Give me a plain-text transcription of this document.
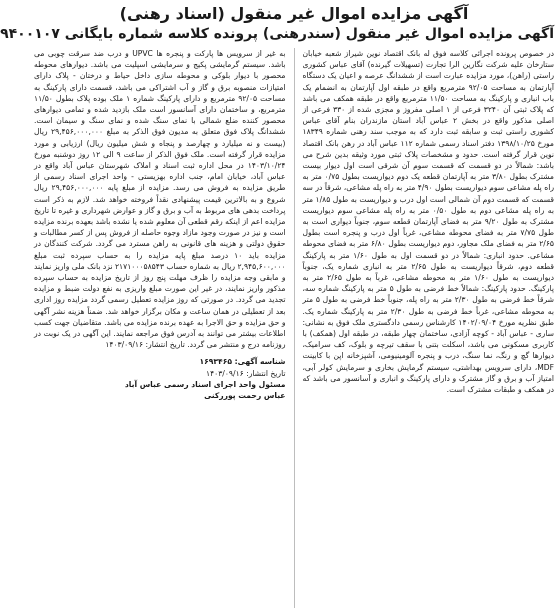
آگهی مزایده اموال غیر منقول (اسناد رهنی)
آگهی مزایده اموال غیر منقول (سندرهنی) پرونده کلاسه شماره بایگانی ۹۴۰۰۱۰۷

در خصوص پرونده اجرائی کلاسه فوق له بانک اقتصاد نوین شیراز شعبه خیابان ستارخان علیه شرکت نگارین الرا تجارت (تسهیلات گیرنده) آقای عباس کشوری راستی (راهن)، مورد مزایده عبارت است از ششدانگ عرصه و اعیان یک دستگاه آپارتمان به مساحت ۹۲/۰۵ مترمربع واقع در طبقه اول آپارتمان به انضمام یک باب انباری و پارکینگ به مساحت ۱۱/۵۰ مترمربع واقع در طبقه همکف می باشد که پلاک ثبتی آن ۳۲۴۰ فرعی از ۱ اصلی مفروز و مجزی شده از ۳۳۰ فرعی از اصلی مذکور واقع در بخش ۲ عباس آباد استان مازندران بنام آقای عباس کشوری راستی ثبت و سابقه ثبت دارد که به موجب سند رهنی شماره ۱۸۳۴۹ مورخ ۱۳۹۸/۱۰/۲۵ دفتر اسناد رسمی شماره ۱۱۲ عباس آباد در رهن بانک اقتصاد نوین قرار گرفته است. حدود و مشخصات پلاک ثبتی مورد وثیقه بدین شرح می باشد: شمالاً در دو قسمت که قسمت سوم آن شرقی است اول دیوار بیست مشترک بطول ۳/۸۰ متر به آپارتمان قطعه یک دوم دیواریست بطول ۰/۷۵ متر به راه پله مشاعی سوم دیواریست بطول ۴/۹۰ متر به راه پله مشاعی، شرقاً در سه قسمت که قسمت دوم آن شمالی است اول درب و دیواریست به طول ۱/۸۵ متر به راه پله مشاعی دوم به طول ۰/۵۰ متر به راه پله مشاعی سوم دیواریست مشترک به طول ۹/۲۰ متر به فضای آپارتمان قطعه سوم، جنوباً دیواری است به طول ۷/۷۵ متر به فضای محوطه مشاعی، غرباً اول درب و پنجره است بطول ۲/۶۵ متر به فضای ملک مجاور، دوم دیواریست بطول ۶/۸۰ متر به فضای محوطه مشاعی. حدود انباری: شمالاً در دو قسمت اول به طول ۱/۶۰ متر به پارکینگ قطعه دوم، شرقاً دیواریست به طول ۲/۶۵ متر به انباری شماره یک، جنوباً دیواریست به طول ۱/۶۰ متر به محوطه مشاعی، غرباً به طول ۲/۶۵ متر به پارکینگ. حدود پارکینگ: شمالاً خط فرضی به طول ۵ متر به پارکینگ شماره سه، شرقاً خط فرضی به طول ۲/۳۰ متر به راه پله، جنوباً خط فرضی به طول ۵ متر به محوطه مشاعی، غرباً خط فرضی به طول ۲/۳۰ متر به پارکینگ شماره یک. طبق نظریه مورخ ۱۴۰۲/۰۹/۰۴ کارشناس رسمی دادگستری ملک فوق به نشانی: ساری - عباس آباد - کوچه آزادی، ساختمان چهار طبقه، در طبقه اول (همکف) با کاربری مسکونی می باشد، اسکلت بتنی با سقف تیرچه و بلوک، کف سرامیک، دیوارها گچ و رنگ، نما سنگ، درب و پنجره آلومینیومی، آشپزخانه اپن با کابینت MDF، دارای سرویس بهداشتی، سیستم گرمایش بخاری و سرمایش کولر آبی، امتیاز آب و برق و گاز مشترک و دارای پارکینگ و انباری و آسانسور می باشد که در همکف و طبقات مشترک است.

به غیر از سرویس ها پارکت و پنجره ها UPVC و درب ضد سرقت چوبی می باشد. سیستم گرمایشی پکیج و سرمایشی اسپلیت می باشد. دیوارهای محوطه محصور با دیوار بلوکی و محوطه سازی داخل حیاط و درختان - پلاک دارای امتیازات منصوبه برق و گاز و آب اشتراکی می باشد، قسمت دارای پارکینگ به مساحت ۹۲/۰۵ مترمربع و دارای پارکینگ شماره ۱ ملک بوده پلاک بطول ۱۱/۵۰ مترمربع، و ساختمان دارای آسانسور است ملک بازدید شده و تمامی دیوارهای محصور کننده ضلع شمالی با نمای سنگ شده و نمای سنگ و سیمان است. ششدانگ پلاک فوق متعلق به مدیون فوق الذکر به مبلغ ۲۹,۴۵۶,۰۰۰,۰۰۰ ریال (بیست و نه میلیارد و چهارصد و پنجاه و شش میلیون ریال) ارزیابی و مورد مزایده قرار گرفته است. ملک فوق الذکر از ساعت ۹ الی ۱۲ روز دوشنبه مورخ ۱۴۰۳/۱۰/۲۴ در محل اداره ثبت اسناد و املاک شهرستان عباس آباد واقع در عباس آباد، خیابان امام، جنب اداره بهزیستی - واحد اجرای اسناد رسمی از طریق مزایده به فروش می رسد. مزایده از مبلغ پایه ۲۹,۴۵۶,۰۰۰,۰۰۰ ریال شروع و به بالاترین قیمت پیشنهادی نقداً فروخته خواهد شد. لازم به ذکر است پرداخت بدهی های مربوط به آب و برق و گاز و عوارض شهرداری و غیره تا تاریخ مزایده اعم از اینکه رقم قطعی آن معلوم شده یا نشده باشد بعهده برنده مزایده است و نیز در صورت وجود مازاد وجوه حاصله از فروش پس از کسر مطالبات و حقوق دولتی و هزینه های قانونی به راهن مسترد می گردد. شرکت کنندگان در مزایده باید ۱۰ درصد مبلغ پایه مزایده را به حساب سپرده ثبت مبلغ ۲,۹۴۵,۶۰۰,۰۰۰ ریال به شماره حساب ۲۱۷۱۰۰۰۵۸۵۴۳ نزد بانک ملی واریز نمایند و مابقی وجه مزایده را ظرف مهلت پنج روز از تاریخ مزایده به حساب سپرده مذکور واریز نمایند، در غیر این صورت مبلغ واریزی به نفع دولت ضبط و مزایده تجدید می گردد. در صورتی که روز مزایده تعطیل رسمی گردد مزایده روز اداری بعد از تعطیلی در همان ساعت و مکان برگزار خواهد شد. ضمناً هزینه نشر آگهی و حق مزایده و حق الاجرا به عهده برنده مزایده می باشد. متقاضیان جهت کسب اطلاعات بیشتر می توانند به آدرس فوق مراجعه نمایند. این آگهی در یک نوبت در روزنامه درج و منتشر می گردد. تاریخ انتشار: ۱۴۰۳/۰۹/۱۶

شناسه آگهی: ۱۶۹۳۴۶۵
تاریخ انتشار: ۱۴۰۳/۰۹/۱۶
مسئول واحد اجرای اسناد رسمی عباس آباد
عباس رحمت پوررکنی
